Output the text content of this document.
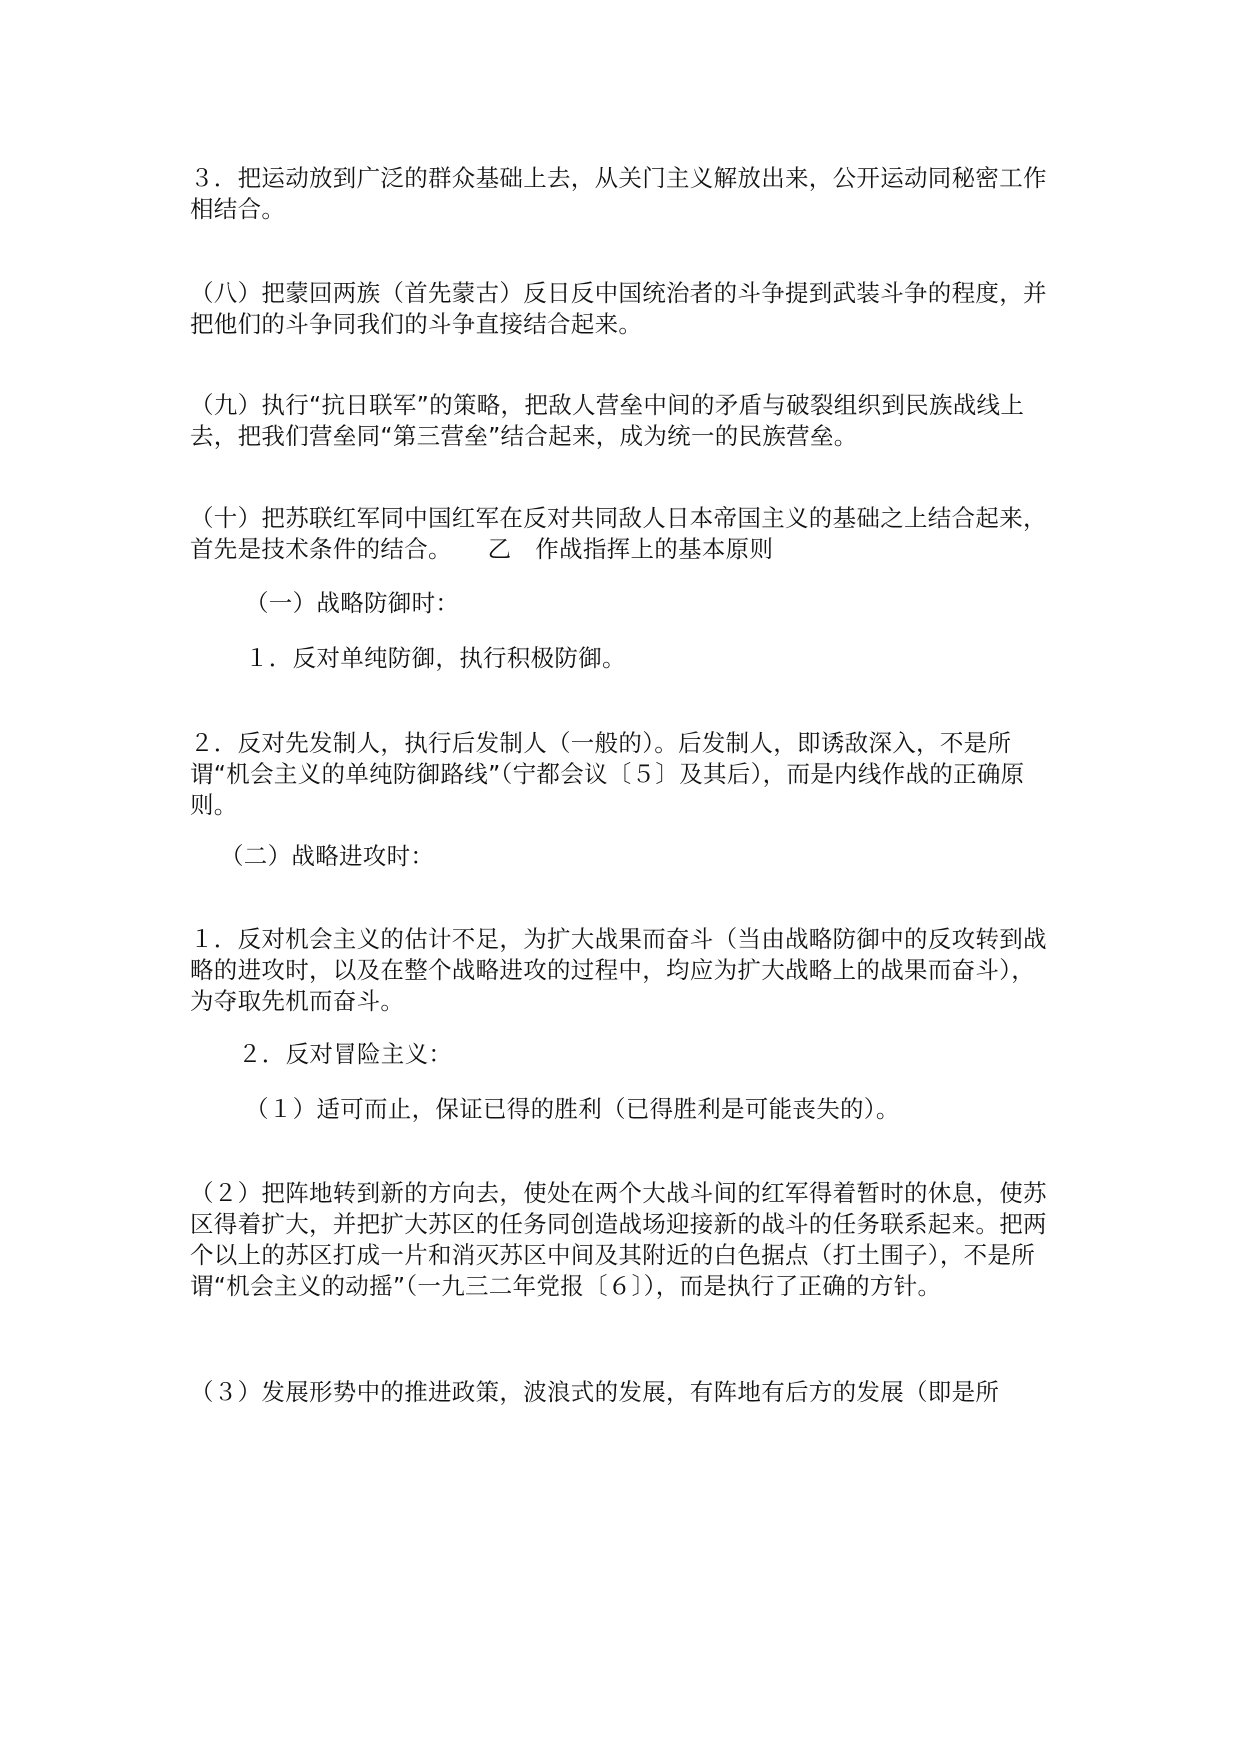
３．把运动放到广泛的群众基础上去，从关门主义解放出来，公开运动同秘密工作相结合。

（八）把蒙回两族（首先蒙古）反日反中国统治者的斗争提到武装斗争的程度，并把他们的斗争同我们的斗争直接结合起来。

（九）执行“抗日联军”的策略，把敌人营垒中间的矛盾与破裂组织到民族战线上去，把我们营垒同“第三营垒”结合起来，成为统一的民族营垒。

（十）把苏联红军同中国红军在反对共同敌人日本帝国主义的基础之上结合起来，首先是技术条件的结合。　　乙　作战指挥上的基本原则

（一）战略防御时：

１．反对单纯防御，执行积极防御。

２．反对先发制人，执行后发制人（一般的）。后发制人，即诱敌深入，不是所谓“机会主义的单纯防御路线”（宁都会议〔５〕及其后），而是内线作战的正确原则。

（二）战略进攻时：

１．反对机会主义的估计不足，为扩大战果而奋斗（当由战略防御中的反攻转到战略的进攻时，以及在整个战略进攻的过程中，均应为扩大战略上的战果而奋斗），为夺取先机而奋斗。

２．反对冒险主义：

（１）适可而止，保证已得的胜利（已得胜利是可能丧失的）。

（２）把阵地转到新的方向去，使处在两个大战斗间的红军得着暂时的休息，使苏区得着扩大，并把扩大苏区的任务同创造战场迎接新的战斗的任务联系起来。把两个以上的苏区打成一片和消灭苏区中间及其附近的白色据点（打土围子），不是所谓“机会主义的动摇”（一九三二年党报〔６〕），而是执行了正确的方针。

（３）发展形势中的推进政策，波浪式的发展，有阵地有后方的发展（即是所
